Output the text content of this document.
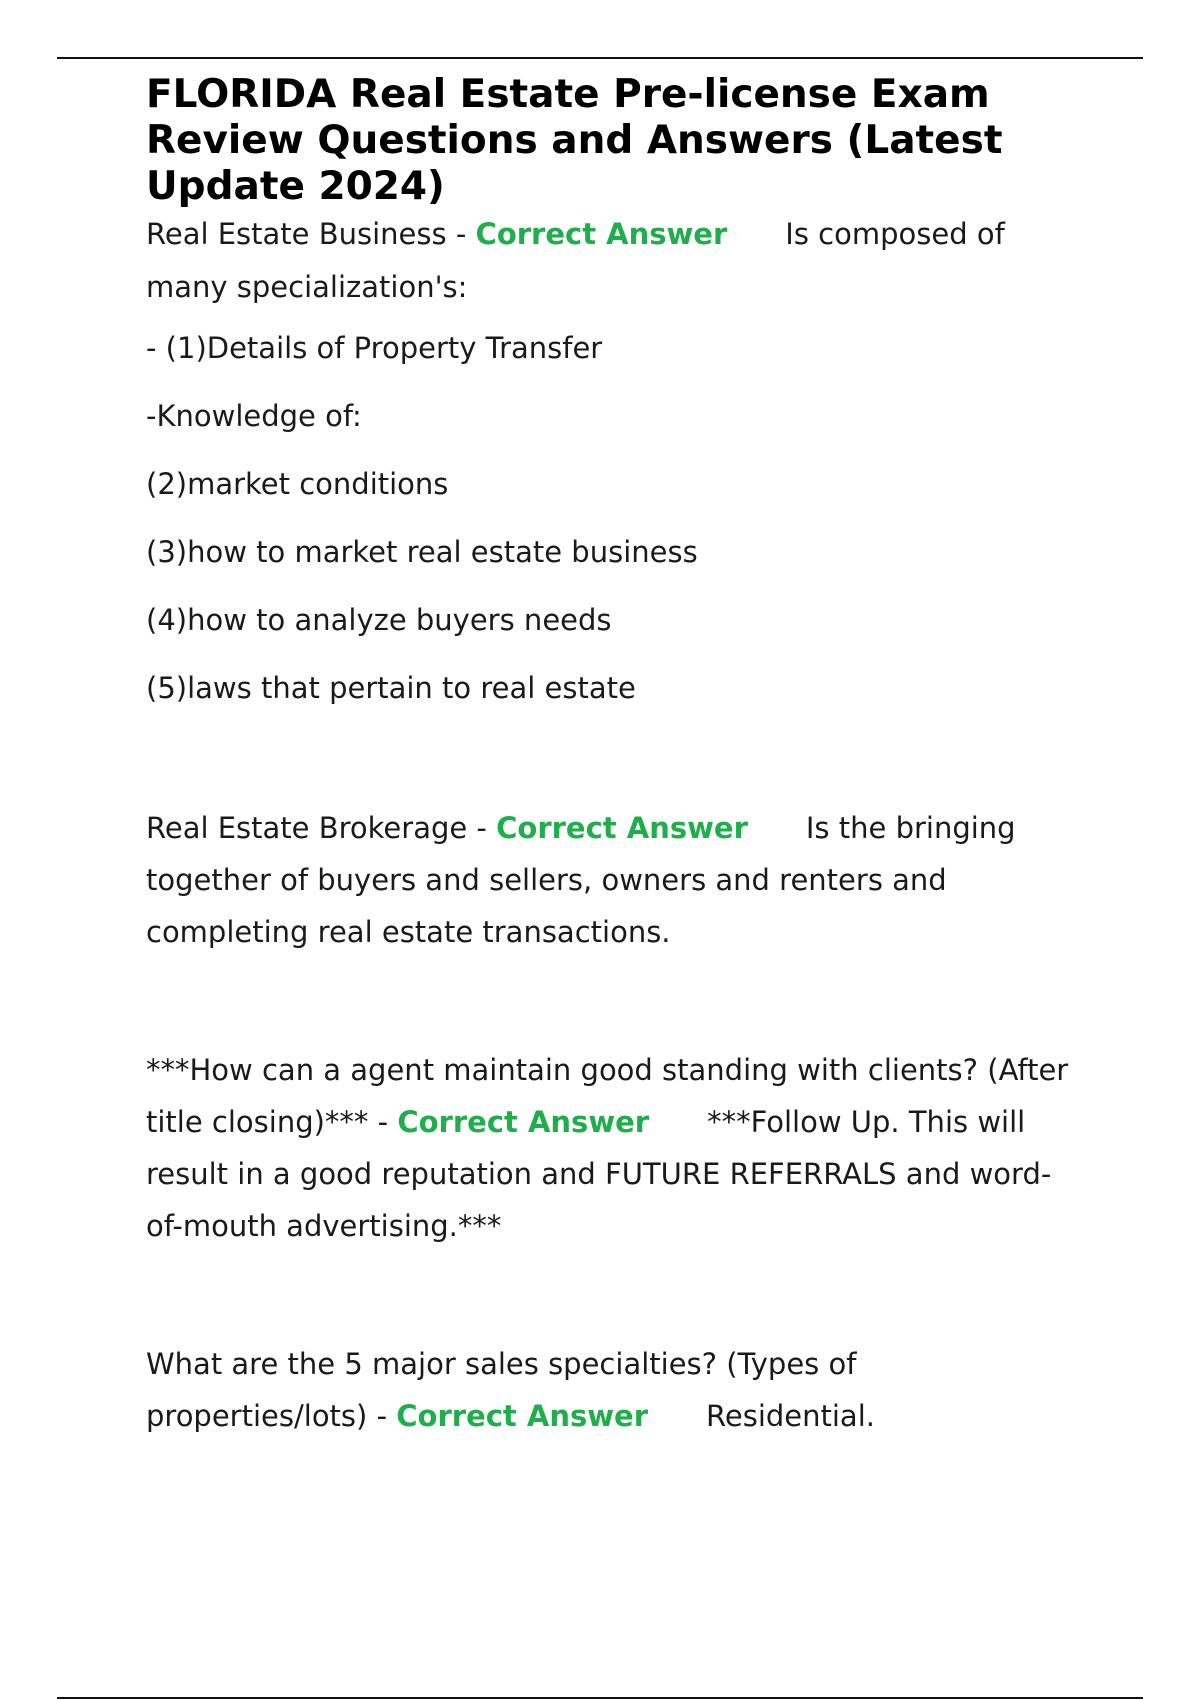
FLORIDA Real Estate Pre-license Exam Review Questions and Answers (Latest Update 2024)

Real Estate Business - Correct Answer Is composed of many specialization's:

- (1)Details of Property Transfer

-Knowledge of:

(2)market conditions

(3)how to market real estate business

(4)how to analyze buyers needs

(5)laws that pertain to real estate

Real Estate Brokerage - Correct Answer Is the bringing together of buyers and sellers, owners and renters and completing real estate transactions.

***How can a agent maintain good standing with clients? (After title closing)*** - Correct Answer ***Follow Up. This will result in a good reputation and FUTURE REFERRALS and word-of-mouth advertising.***

What are the 5 major sales specialties? (Types of properties/lots) - Correct Answer Residential.
